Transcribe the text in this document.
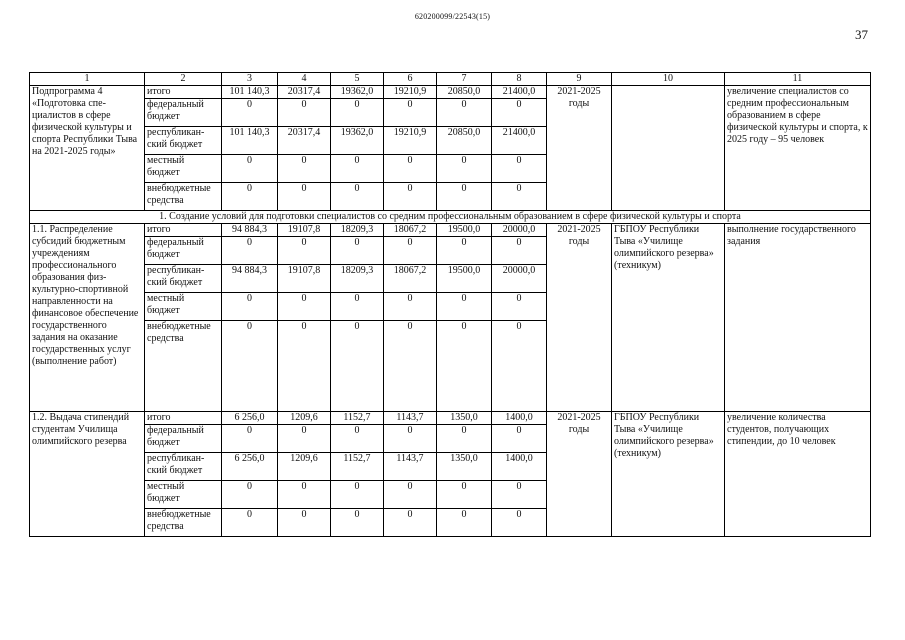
620200099/22543(15)
37
1	2	3	4	5	6	7	8	9	10	11
Подпрограмма 4 «Подготовка специалистов в сфере физической культуры и спорта Республики Тыва на 2021-2025 годы»	итого	101 140,3	20317,4	19362,0	19210,9	20850,0	21400,0	2021-2025 годы		увеличение специалистов со средним профессиональным образованием в сфере физической культуры и спорта, к 2025 году – 95 человек
	федеральный бюджет	0	0	0	0	0	0			
	республиканский бюджет	101 140,3	20317,4	19362,0	19210,9	20850,0	21400,0			
	местный бюджет	0	0	0	0	0	0			
	внебюджетные средства	0	0	0	0	0	0			
1. Создание условий для подготовки специалистов со средним профессиональным образованием в сфере физической культуры и спорта										
1.1. Распределение субсидий бюджетным учреждениям профессионального образования физкультурно-спортивной направленности на финансовое обеспечение государственного задания на оказание государственных услуг (выполнение работ)	итого	94 884,3	19107,8	18209,3	18067,2	19500,0	20000,0	2021-2025 годы	ГБПОУ Республики Тыва «Училище олимпийского резерва» (техникум)	выполнение государственного задания
	федеральный бюджет	0	0	0	0	0	0			
	республиканский бюджет	94 884,3	19107,8	18209,3	18067,2	19500,0	20000,0			
	местный бюджет	0	0	0	0	0	0			
	внебюджетные средства	0	0	0	0	0	0			
1.2. Выдача стипендий студентам Училища олимпийского резерва	итого	6 256,0	1209,6	1152,7	1143,7	1350,0	1400,0	2021-2025 годы	ГБПОУ Республики Тыва «Училище олимпийского резерва» (техникум)	увеличение количества студентов, получающих стипендии, до 10 человек
	федеральный бюджет	0	0	0	0	0	0			
	республиканский бюджет	6 256,0	1209,6	1152,7	1143,7	1350,0	1400,0			
	местный бюджет	0	0	0	0	0	0			
	внебюджетные средства	0	0	0	0	0	0			
